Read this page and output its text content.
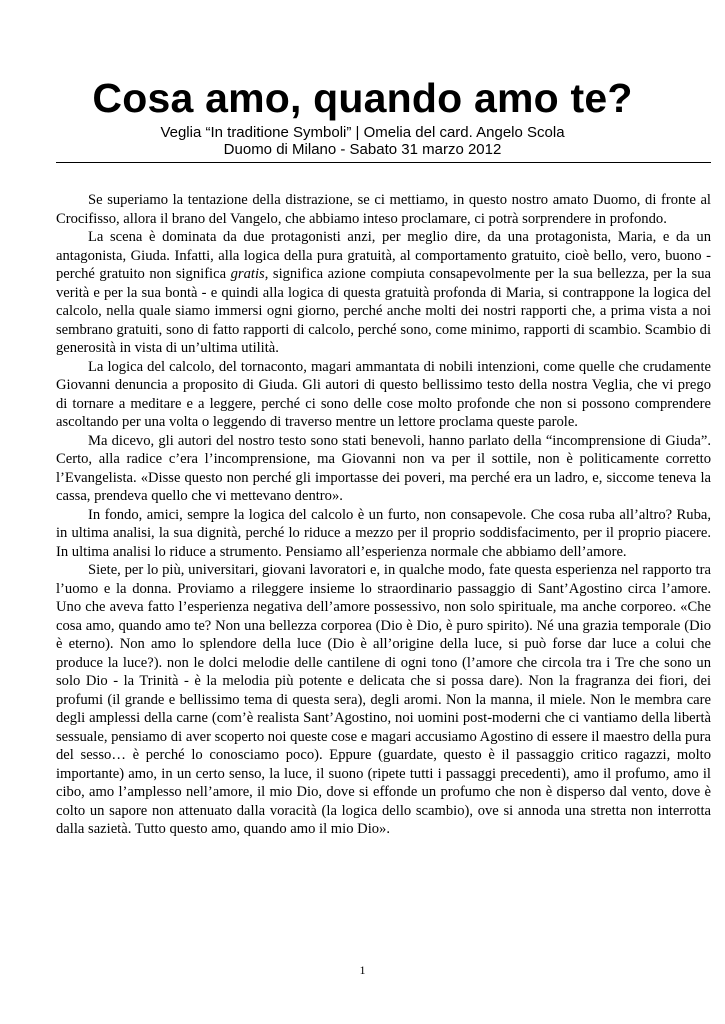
Cosa amo, quando amo te?
Veglia “In traditione Symboli” | Omelia del card. Angelo Scola
Duomo di Milano - Sabato 31 marzo 2012

Se superiamo la tentazione della distrazione, se ci mettiamo, in questo nostro amato Duomo, di fronte al Crocifisso, allora il brano del Vangelo, che abbiamo inteso proclamare, ci potrà sorprendere in profondo.

La scena è dominata da due protagonisti anzi, per meglio dire, da una protagonista, Maria, e da un antagonista, Giuda. Infatti, alla logica della pura gratuità, al comportamento gratuito, cioè bello, vero, buono - perché gratuito non significa gratis, significa azione compiuta consapevolmente per la sua bellezza, per la sua verità e per la sua bontà - e quindi alla logica di questa gratuità profonda di Maria, si contrappone la logica del calcolo, nella quale siamo immersi ogni giorno, perché anche molti dei nostri rapporti che, a prima vista a noi sembrano gratuiti, sono di fatto rapporti di calcolo, perché sono, come minimo, rapporti di scambio. Scambio di generosità in vista di un’ultima utilità.

La logica del calcolo, del tornaconto, magari ammantata di nobili intenzioni, come quelle che crudamente Giovanni denuncia a proposito di Giuda. Gli autori di questo bellissimo testo della nostra Veglia, che vi prego di tornare a meditare e a leggere, perché ci sono delle cose molto profonde che non si possono comprendere ascoltando per una volta o leggendo di traverso mentre un lettore proclama queste parole.

Ma dicevo, gli autori del nostro testo sono stati benevoli, hanno parlato della “incomprensione di Giuda”. Certo, alla radice c’era l’incomprensione, ma Giovanni non va per il sottile, non è politicamente corretto l’Evangelista. «Disse questo non perché gli importasse dei poveri, ma perché era un ladro, e, siccome teneva la cassa, prendeva quello che vi mettevano dentro».

In fondo, amici, sempre la logica del calcolo è un furto, non consapevole. Che cosa ruba all’altro? Ruba, in ultima analisi, la sua dignità, perché lo riduce a mezzo per il proprio soddisfacimento, per il proprio piacere. In ultima analisi lo riduce a strumento. Pensiamo all’esperienza normale che abbiamo dell’amore.

Siete, per lo più, universitari, giovani lavoratori e, in qualche modo, fate questa esperienza nel rapporto tra l’uomo e la donna. Proviamo a rileggere insieme lo straordinario passaggio di Sant’Agostino circa l’amore. Uno che aveva fatto l’esperienza negativa dell’amore possessivo, non solo spirituale, ma anche corporeo. «Che cosa amo, quando amo te? Non una bellezza corporea (Dio è Dio, è puro spirito). Né una grazia temporale (Dio è eterno). Non amo lo splendore della luce (Dio è all’origine della luce, si può forse dar luce a colui che produce la luce?). non le dolci melodie delle cantilene di ogni tono (l’amore che circola tra i Tre che sono un solo Dio - la Trinità - è la melodia più potente e delicata che si possa dare). Non la fragranza dei fiori, dei profumi (il grande e bellissimo tema di questa sera), degli aromi. Non la manna, il miele. Non le membra care degli amplessi della carne (com’è realista Sant’Agostino, noi uomini post-moderni che ci vantiamo della libertà sessuale, pensiamo di aver scoperto noi queste cose e magari accusiamo Agostino di essere il maestro della pura del sesso… è perché lo conosciamo poco). Eppure (guardate, questo è il passaggio critico ragazzi, molto importante) amo, in un certo senso, la luce, il suono (ripete tutti i passaggi precedenti), amo il profumo, amo il cibo, amo l’amplesso nell’amore, il mio Dio, dove si effonde un profumo che non è disperso dal vento, dove è colto un sapore non attenuato dalla voracità (la logica dello scambio), ove si annoda una stretta non interrotta dalla sazietà. Tutto questo amo, quando amo il mio Dio».

1
